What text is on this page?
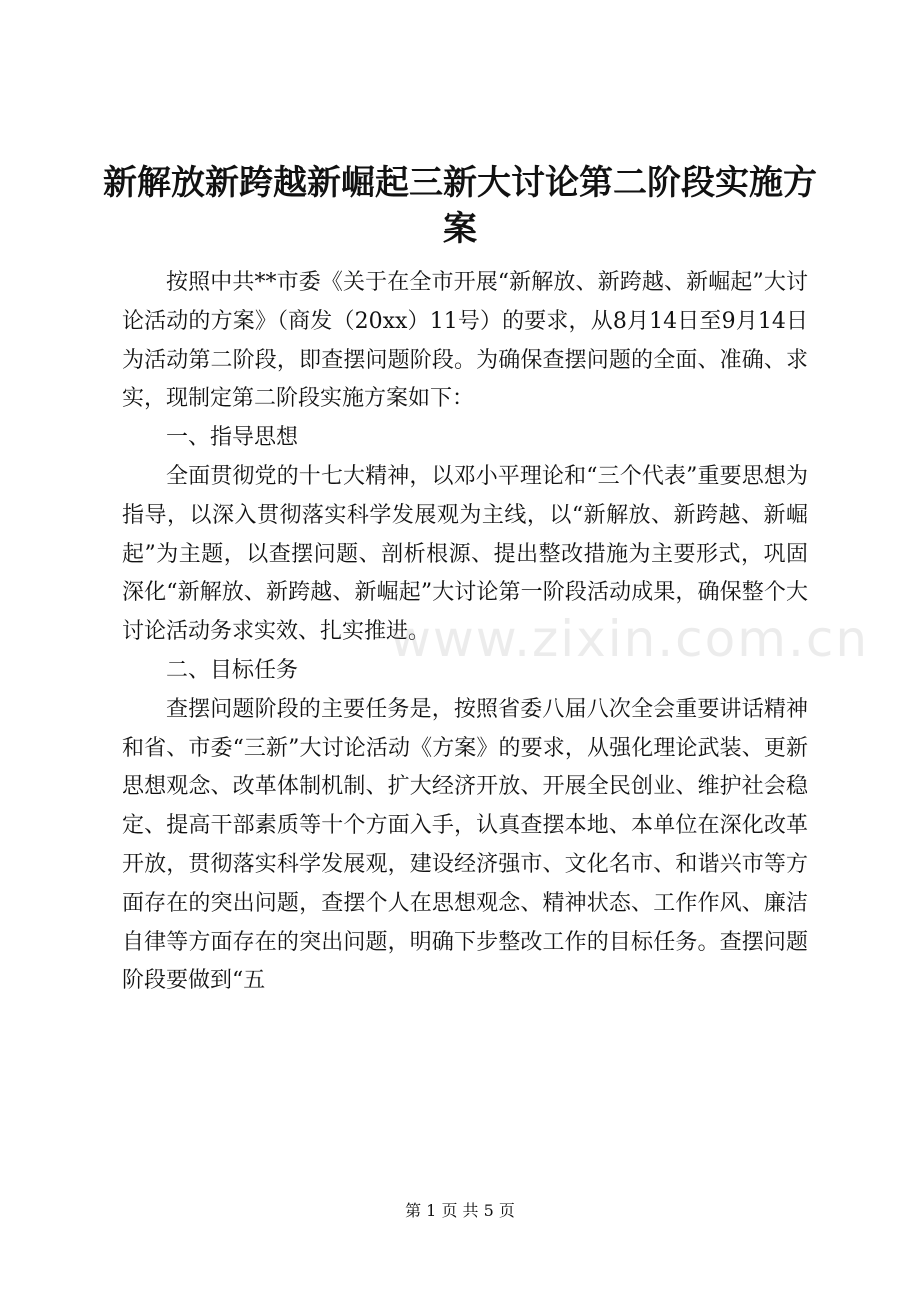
新解放新跨越新崛起三新大讨论第二阶段实施方案

按照中共**市委《关于在全市开展“新解放、新跨越、新崛起”大讨论活动的方案》（商发（20xx）11号）的要求，从8月14日至9月14日为活动第二阶段，即查摆问题阶段。为确保查摆问题的全面、准确、求实，现制定第二阶段实施方案如下：

一、指导思想

全面贯彻党的十七大精神，以邓小平理论和“三个代表”重要思想为指导，以深入贯彻落实科学发展观为主线，以“新解放、新跨越、新崛起”为主题，以查摆问题、剖析根源、提出整改措施为主要形式，巩固深化“新解放、新跨越、新崛起”大讨论第一阶段活动成果，确保整个大讨论活动务求实效、扎实推进。

二、目标任务

查摆问题阶段的主要任务是，按照省委八届八次全会重要讲话精神和省、市委“三新”大讨论活动《方案》的要求，从强化理论武装、更新思想观念、改革体制机制、扩大经济开放、开展全民创业、维护社会稳定、提高干部素质等十个方面入手，认真查摆本地、本单位在深化改革开放，贯彻落实科学发展观，建设经济强市、文化名市、和谐兴市等方面存在的突出问题，查摆个人在思想观念、精神状态、工作作风、廉洁自律等方面存在的突出问题，明确下步整改工作的目标任务。查摆问题阶段要做到“五

www.zixin.com.cn
第 1 页 共 5 页
